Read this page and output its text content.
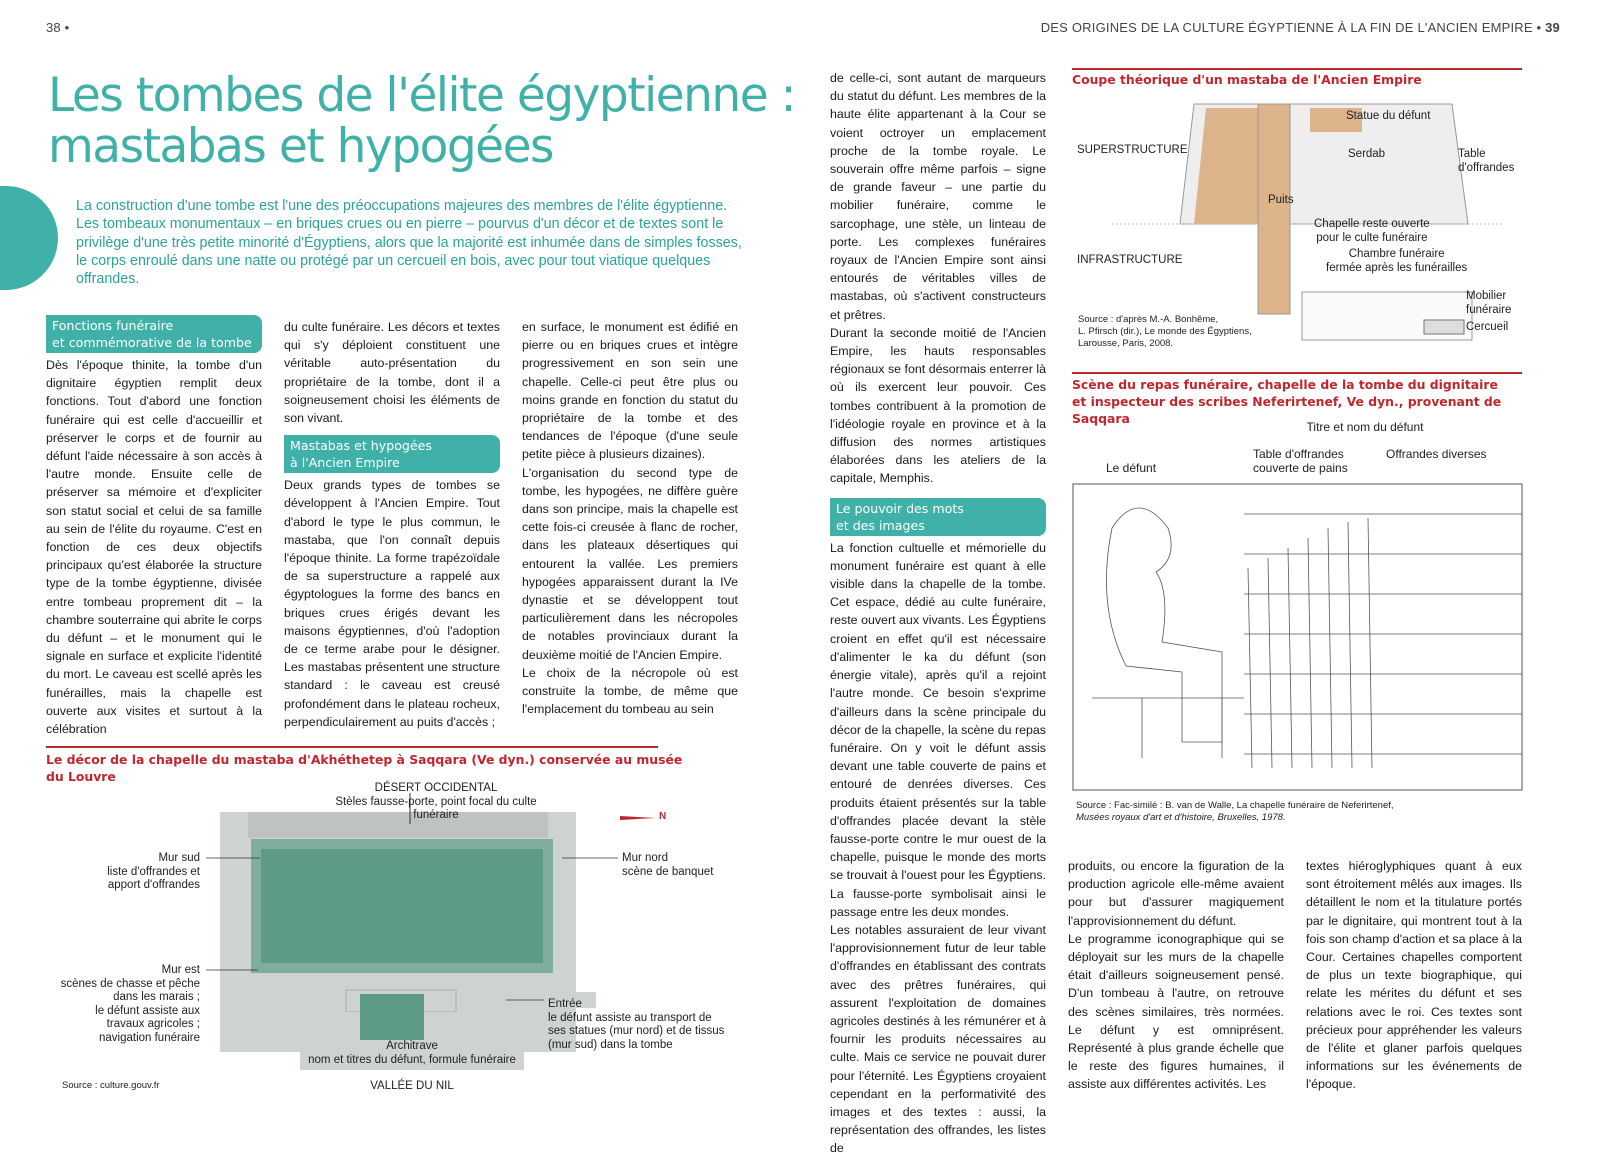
38 •	DES ORIGINES DE LA CULTURE ÉGYPTIENNE À LA FIN DE L'ANCIEN EMPIRE • 39
Les tombes de l'élite égyptienne :
mastabas et hypogées
La construction d'une tombe est l'une des préoccupations majeures des membres de l'élite égyptienne. Les tombeaux monumentaux – en briques crues ou en pierre – pourvus d'un décor et de textes sont le privilège d'une très petite minorité d'Égyptiens, alors que la majorité est inhumée dans de simples fosses, le corps enroulé dans une natte ou protégé par un cercueil en bois, avec pour tout viatique quelques offrandes.
Fonctions funéraire
et commémorative de la tombe

Dès l'époque thinite, la tombe d'un dignitaire égyptien remplit deux fonctions. Tout d'abord une fonction funéraire qui est celle d'accueillir et préserver le corps et de fournir au défunt l'aide nécessaire à son accès à l'autre monde. Ensuite celle de préserver sa mémoire et d'expliciter son statut social et celui de sa famille au sein de l'élite du royaume. C'est en fonction de ces deux objectifs principaux qu'est élaborée la structure type de la tombe égyptienne, divisée entre tombeau proprement dit – la chambre souterraine qui abrite le corps du défunt – et le monument qui le signale en surface et explicite l'identité du mort. Le caveau est scellé après les funérailles, mais la chapelle est ouverte aux visites et surtout à la célébration

du culte funéraire. Les décors et textes qui s'y déploient constituent une véritable auto-présentation du propriétaire de la tombe, dont il a soigneusement choisi les éléments de son vivant.

Mastabas et hypogées
à l'Ancien Empire

Deux grands types de tombes se développent à l'Ancien Empire. Tout d'abord le type le plus commun, le mastaba, que l'on connaît depuis l'époque thinite. La forme trapézoïdale de sa superstructure a rappelé aux égyptologues la forme des bancs en briques crues érigés devant les maisons égyptiennes, d'où l'adoption de ce terme arabe pour le désigner. Les mastabas présentent une structure standard : le caveau est creusé profondément dans le plateau rocheux, perpendiculairement au puits d'accès ;

en surface, le monument est édifié en pierre ou en briques crues et intègre progressivement en son sein une chapelle. Celle-ci peut être plus ou moins grande en fonction du statut du propriétaire de la tombe et des tendances de l'époque (d'une seule petite pièce à plusieurs dizaines).

L'organisation du second type de tombe, les hypogées, ne diffère guère dans son principe, mais la chapelle est cette fois-ci creusée à flanc de rocher, dans les plateaux désertiques qui entourent la vallée. Les premiers hypogées apparaissent durant la IVe dynastie et se développent tout particulièrement dans les nécropoles de notables provinciaux durant la deuxième moitié de l'Ancien Empire.

Le choix de la nécropole où est construite la tombe, de même que l'emplacement du tombeau au sein

Le décor de la chapelle du mastaba d'Akhéthetep à Saqqara (Ve dyn.) conservée au musée du Louvre
DÉSERT OCCIDENTAL
Stèles fausse-porte, point focal du culte funéraire	N
Mur sud
liste d'offrandes et
apport d'offrandes
Mur nord
scène de banquet
Mur est
scènes de chasse et pêche
dans les marais ;
le défunt assiste aux
travaux agricoles ;
navigation funéraire
Entrée
le défunt assiste au transport de
ses statues (mur nord) et de tissus
(mur sud) dans la tombe
Architrave
nom et titres du défunt, formule funéraire
VALLÉE DU NIL
Source : culture.gouv.fr

de celle-ci, sont autant de marqueurs du statut du défunt. Les membres de la haute élite appartenant à la Cour se voient octroyer un emplacement proche de la tombe royale. Le souverain offre même parfois – signe de grande faveur – une partie du mobilier funéraire, comme le sarcophage, une stèle, un linteau de porte. Les complexes funéraires royaux de l'Ancien Empire sont ainsi entourés de véritables villes de mastabas, où s'activent constructeurs et prêtres.

Durant la seconde moitié de l'Ancien Empire, les hauts responsables régionaux se font désormais enterrer là où ils exercent leur pouvoir. Ces tombes contribuent à la promotion de l'idéologie royale en province et à la diffusion des normes artistiques élaborées dans les ateliers de la capitale, Memphis.

Le pouvoir des mots
et des images

La fonction cultuelle et mémorielle du monument funéraire est quant à elle visible dans la chapelle de la tombe. Cet espace, dédié au culte funéraire, reste ouvert aux vivants. Les Égyptiens croient en effet qu'il est nécessaire d'alimenter le ka du défunt (son énergie vitale), après qu'il a rejoint l'autre monde. Ce besoin s'exprime d'ailleurs dans la scène principale du décor de la chapelle, la scène du repas funéraire. On y voit le défunt assis devant une table couverte de pains et entouré de denrées diverses. Ces produits étaient présentés sur la table d'offrandes placée devant la stèle fausse-porte contre le mur ouest de la chapelle, puisque le monde des morts se trouvait à l'ouest pour les Égyptiens. La fausse-porte symbolisait ainsi le passage entre les deux mondes.

Les notables assuraient de leur vivant l'approvisionnement futur de leur table d'offrandes en établissant des contrats avec des prêtres funéraires, qui assurent l'exploitation de domaines agricoles destinés à les rémunérer et à fournir les produits nécessaires au culte. Mais ce service ne pouvait durer pour l'éternité. Les Égyptiens croyaient cependant en la performativité des images et des textes : aussi, la représentation des offrandes, les listes de

Coupe théorique d'un mastaba de l'Ancien Empire
SUPERSTRUCTURE
INFRASTRUCTURE
Statue du défunt
Serdab	Table
d'offrandes
Puits
Chapelle reste ouverte
pour le culte funéraire
Chambre funéraire
fermée après les funérailles
Mobilier
funéraire
Cercueil
Source : d'après M.-A. Bonhême,
L. Pfirsch (dir.), Le monde des Égyptiens,
Larousse, Paris, 2008.
Scène du repas funéraire, chapelle de la tombe du dignitaire
et inspecteur des scribes Neferirtenef, Ve dyn., provenant de Saqqara
Titre et nom du défunt
Le défunt
Table d'offrandes
couverte de pains
Offrandes diverses
Source : Fac-similé : B. van de Walle, La chapelle funéraire de Neferirtenef,
Musées royaux d'art et d'histoire, Bruxelles, 1978.

produits, ou encore la figuration de la production agricole elle-même avaient pour but d'assurer magiquement l'approvisionnement du défunt.

Le programme iconographique qui se déployait sur les murs de la chapelle était d'ailleurs soigneusement pensé. D'un tombeau à l'autre, on retrouve des scènes similaires, très normées. Le défunt y est omniprésent. Représenté à plus grande échelle que le reste des figures humaines, il assiste aux différentes activités. Les

textes hiéroglyphiques quant à eux sont étroitement mêlés aux images. Ils détaillent le nom et la titulature portés par le dignitaire, qui montrent tout à la fois son champ d'action et sa place à la Cour. Certaines chapelles comportent de plus un texte biographique, qui relate les mérites du défunt et ses relations avec le roi. Ces textes sont précieux pour appréhender les valeurs de l'élite et glaner parfois quelques informations sur les événements de l'époque.
